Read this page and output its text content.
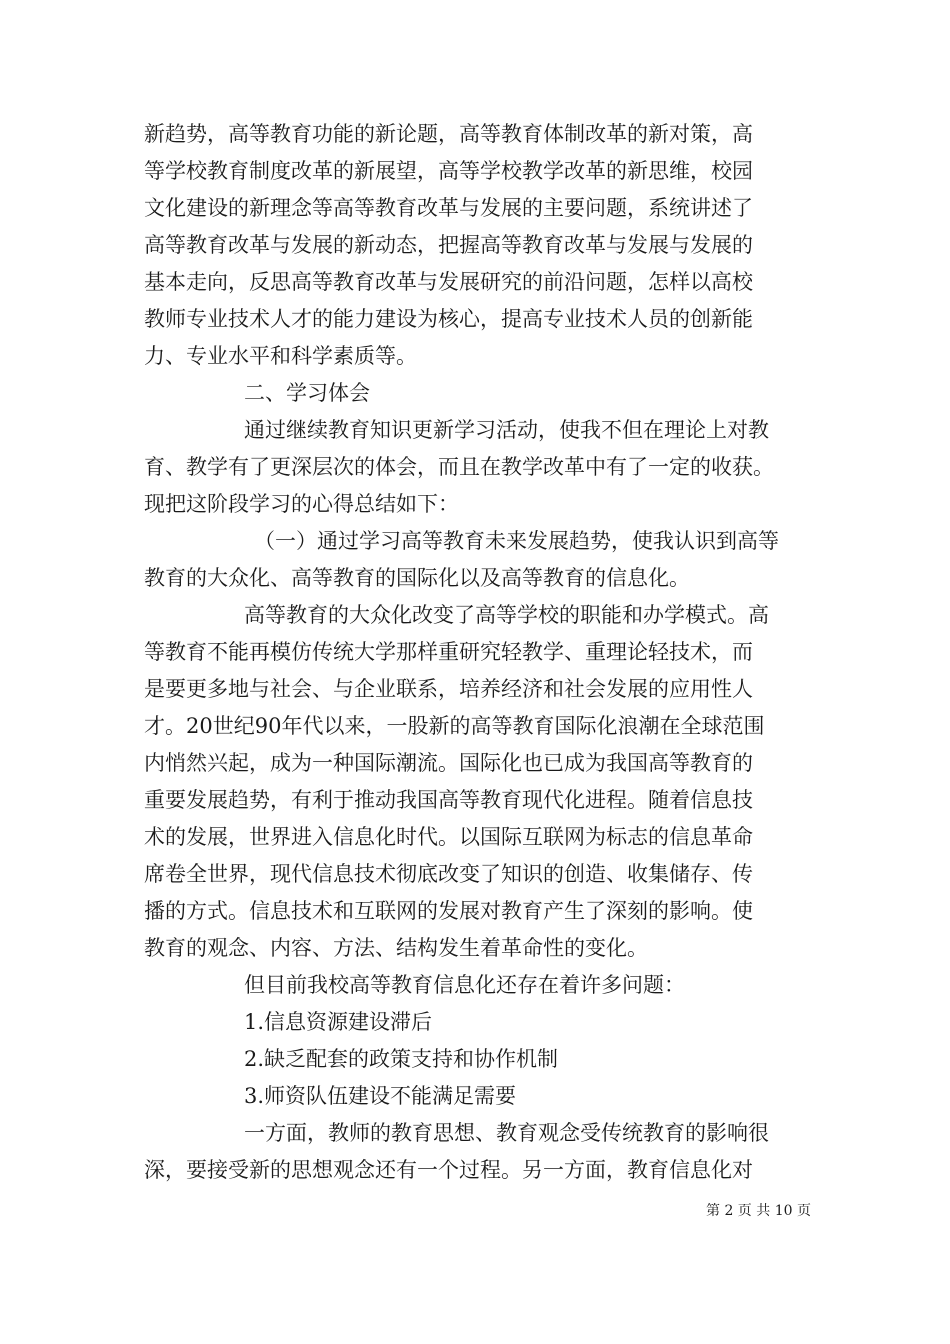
新趋势，高等教育功能的新论题，高等教育体制改革的新对策，高
等学校教育制度改革的新展望，高等学校教学改革的新思维，校园
文化建设的新理念等高等教育改革与发展的主要问题，系统讲述了
高等教育改革与发展的新动态，把握高等教育改革与发展与发展的
基本走向，反思高等教育改革与发展研究的前沿问题，怎样以高校
教师专业技术人才的能力建设为核心，提高专业技术人员的创新能
力、专业水平和科学素质等。
二、学习体会
通过继续教育知识更新学习活动，使我不但在理论上对教
育、教学有了更深层次的体会，而且在教学改革中有了一定的收获。
现把这阶段学习的心得总结如下：
（一）通过学习高等教育未来发展趋势，使我认识到高等
教育的大众化、高等教育的国际化以及高等教育的信息化。
高等教育的大众化改变了高等学校的职能和办学模式。高
等教育不能再模仿传统大学那样重研究轻教学、重理论轻技术，而
是要更多地与社会、与企业联系，培养经济和社会发展的应用性人
才。20世纪90年代以来，一股新的高等教育国际化浪潮在全球范围
内悄然兴起，成为一种国际潮流。国际化也已成为我国高等教育的
重要发展趋势，有利于推动我国高等教育现代化进程。随着信息技
术的发展，世界进入信息化时代。以国际互联网为标志的信息革命
席卷全世界，现代信息技术彻底改变了知识的创造、收集储存、传
播的方式。信息技术和互联网的发展对教育产生了深刻的影响。使
教育的观念、内容、方法、结构发生着革命性的变化。
但目前我校高等教育信息化还存在着许多问题：
1.信息资源建设滞后
2.缺乏配套的政策支持和协作机制
3.师资队伍建设不能满足需要
一方面，教师的教育思想、教育观念受传统教育的影响很
深，要接受新的思想观念还有一个过程。另一方面，教育信息化对
第 2 页 共 10 页
